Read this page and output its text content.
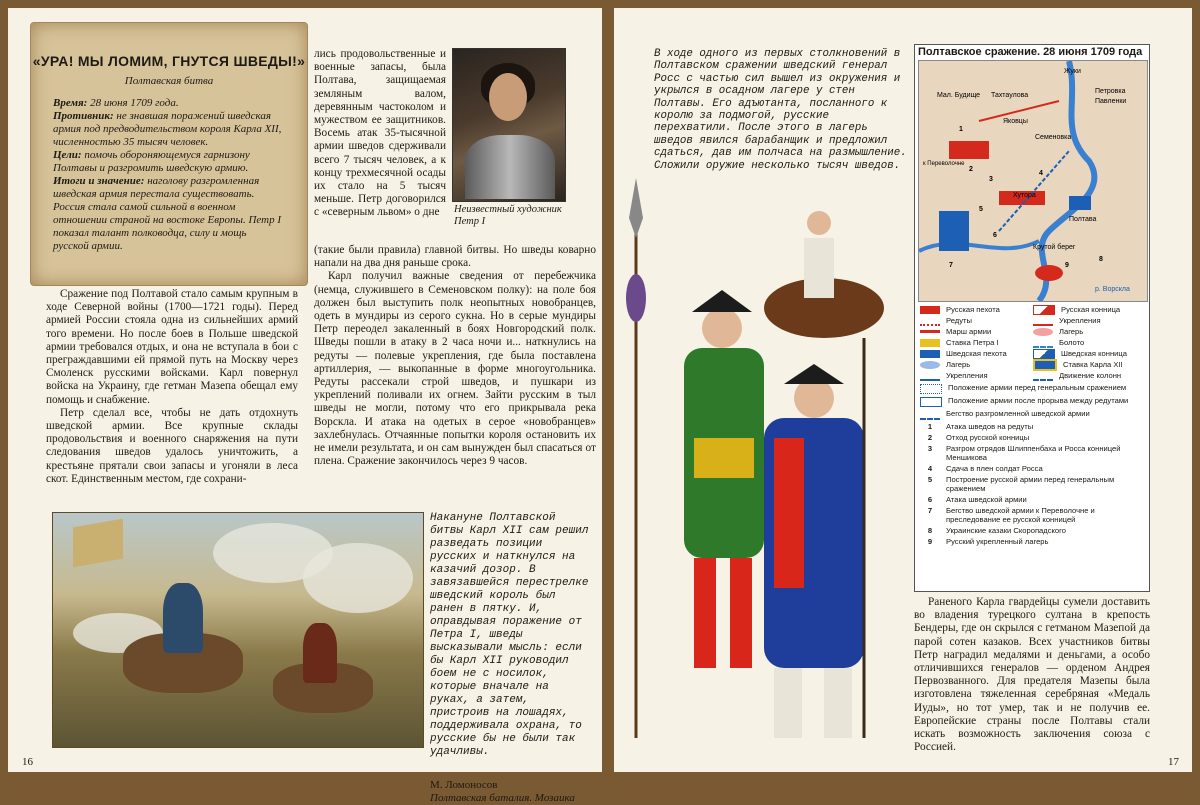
«УРА! МЫ ЛОМИМ, ГНУТСЯ ШВЕДЫ!»
Полтавская битва
Время: 28 июня 1709 года.
Противник: не знавшая поражений шведская армия под предводительством короля Карла XII, численностью 35 тысяч человек.
Цели: помочь обороняющемуся гарнизону Полтавы и разгромить шведскую армию.
Итоги и значение: наголову разгромленная шведская армия перестала существовать. Россия стала самой сильной в военном отношении страной на востоке Европы. Петр I показал талант полководца, силу и мощь русской армии.

Сражение под Полтавой стало самым крупным в ходе Северной войны (1700—1721 годы). Перед армией России стояла одна из сильнейших армий того времени. Но после боев в Польше шведской армии требовался отдых, и она не вступала в бои с преграждавшими ей прямой путь на Москву через Смоленск русскими войсками. Карл повернул войска на Украину, где гетман Мазепа обещал ему помощь и снабжение.

Петр сделал все, чтобы не дать отдохнуть шведской армии. Все крупные склады продовольствия и военного снаряжения на пути следования шведов удалось уничтожить, а крестьяне прятали свои запасы и угоняли в леса скот. Единственным местом, где сохрани-

лись продовольственные и военные запасы, была Полтава, защищаемая земляным валом, деревянным частоколом и мужеством ее защитников. Восемь атак 35-тысячной армии шведов сдерживали всего 7 тысяч человек, а к концу трехмесячной осады их стало на 5 тысяч меньше. Петр договорился с «северным львом» о дне	Неизвестный художник
Петр I

(такие были правила) главной битвы. Но шведы коварно напали на два дня раньше срока.

Карл получил важные сведения от перебежчика (немца, служившего в Семеновском полку): на поле боя должен был выступить полк неопытных новобранцев, одеть в мундиры из серого сукна. Но в серые мундиры Петр переодел закаленный в боях Новгородский полк. Шведы пошли в атаку в 2 часа ночи и... наткнулись на редуты — полевые укрепления, где была поставлена артиллерия, — выкопанные в форме многоугольника. Редуты рассекали строй шведов, и пушкари из укреплений поливали их огнем. Зайти русским в тыл шведы не могли, потому что его прикрывала река Ворскла. И атака на одетых в серое «новобранцев» захлебнулась. Отчаянные попытки короля остановить их не имели результата, и он сам вынужден был спасаться от плена. Сражение закончилось через 9 часов.

Накануне Полтавской битвы Карл XII сам решил разведать позиции русских и наткнулся на казачий дозор. В завязавшейся перестрелке шведский король был ранен в пятку. И, оправдывая поражение от Петра I, шведы высказывали мысль: если бы Карл XII руководил боем не с носилок, которые вначале на руках, а затем, пристроив на лошадях, поддерживала охрана, то русские бы не были так удачливы.
М. Ломоносов
Полтавская баталия. Мозаика
В ходе одного из первых столкновений в Полтавском сражении шведский генерал Росс с частью сил вышел из окружения и укрылся в осадном лагере у стен Полтавы. Его адъютанта, посланного к королю за подмогой, русские перехватили. После этого в лагерь шведов явился барабанщик и предложил сдаться, дав им полчаса на размышление. Сложили оружие несколько тысяч шведов.
Полтавское сражение. 28 июня 1709 года
Жуки
Мал. Будище Тахтаулова
Яковцы
Семеновка
Хутора
Крутой берег
Петровка
Павленки
Полтава
р. Ворскла
к Переволочне
1
2
3
4
5
6
7
8
9
Русская пехота	Русская конница
Редуты	Укрепления
Марш армии	Лагерь
Ставка Петра I	Болото
Шведская пехота	Шведская конница
Лагерь	Ставка Карла XII
Укрепления	Движение колонн
Положение армии перед генеральным сражением
Положение армии после прорыва между редутами
Бегство разгромленной шведской армии
1	Атака шведов на редуты
2	Отход русской конницы
3	Разгром отрядов Шлиппенбаха и Росса конницей Меншикова
4	Сдача в плен солдат Росса
5	Построение русской армии перед генеральным сражением
6	Атака шведской армии
7	Бегство шведской армии к Переволочне и преследование ее русской конницей
8	Украинские казаки Скоропадского
9	Русский укрепленный лагерь

Раненого Карла гвардейцы сумели доставить во владения турецкого султана в крепость Бендеры, где он скрылся с гетманом Мазепой да парой сотен казаков. Всех участников битвы Петр наградил медалями и деньгами, а особо отличившихся генералов — орденом Андрея Первозванного. Для предателя Мазепы была изготовлена тяжеленная серебряная «Медаль Иуды», но тот умер, так и не получив ее. Европейские страны после Полтавы стали искать возможность заключения союза с Россией.

16	17
